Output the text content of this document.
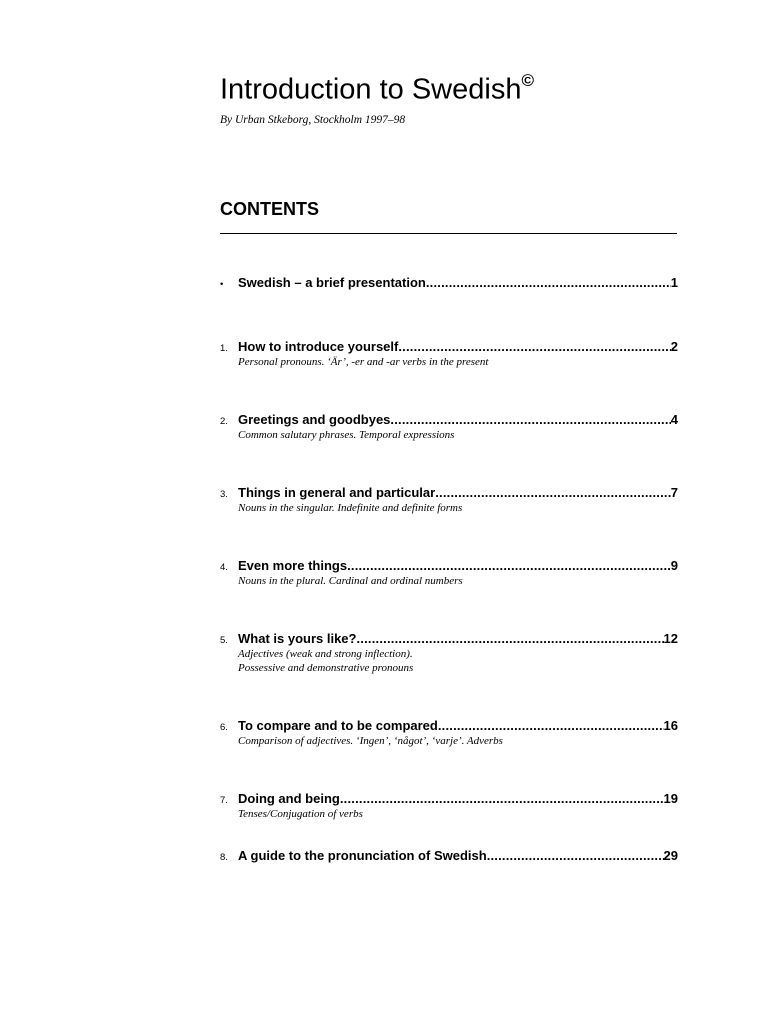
Introduction to Swedish©
By Urban Stkeborg, Stockholm 1997–98
CONTENTS
•	Swedish – a brief presentation .....	1
1. How to introduce yourself .....	2
Personal pronouns. ‘Är’, -er and -ar verbs in the present
2. Greetings and goodbyes .....	4
Common salutary phrases. Temporal expressions
3. Things in general and particular .....	7
Nouns in the singular. Indefinite and definite forms
4. Even more things .....	9
Nouns in the plural. Cardinal and ordinal numbers
5. What is yours like? .....	12
Adjectives (weak and strong inflection).
Possessive and demonstrative pronouns
6. To compare and to be compared .....	16
Comparison of adjectives. ‘Ingen’, ‘något’, ‘varje’. Adverbs
7. Doing and being .....	19
Tenses/Conjugation of verbs
8. A guide to the pronunciation of Swedish .....	29
